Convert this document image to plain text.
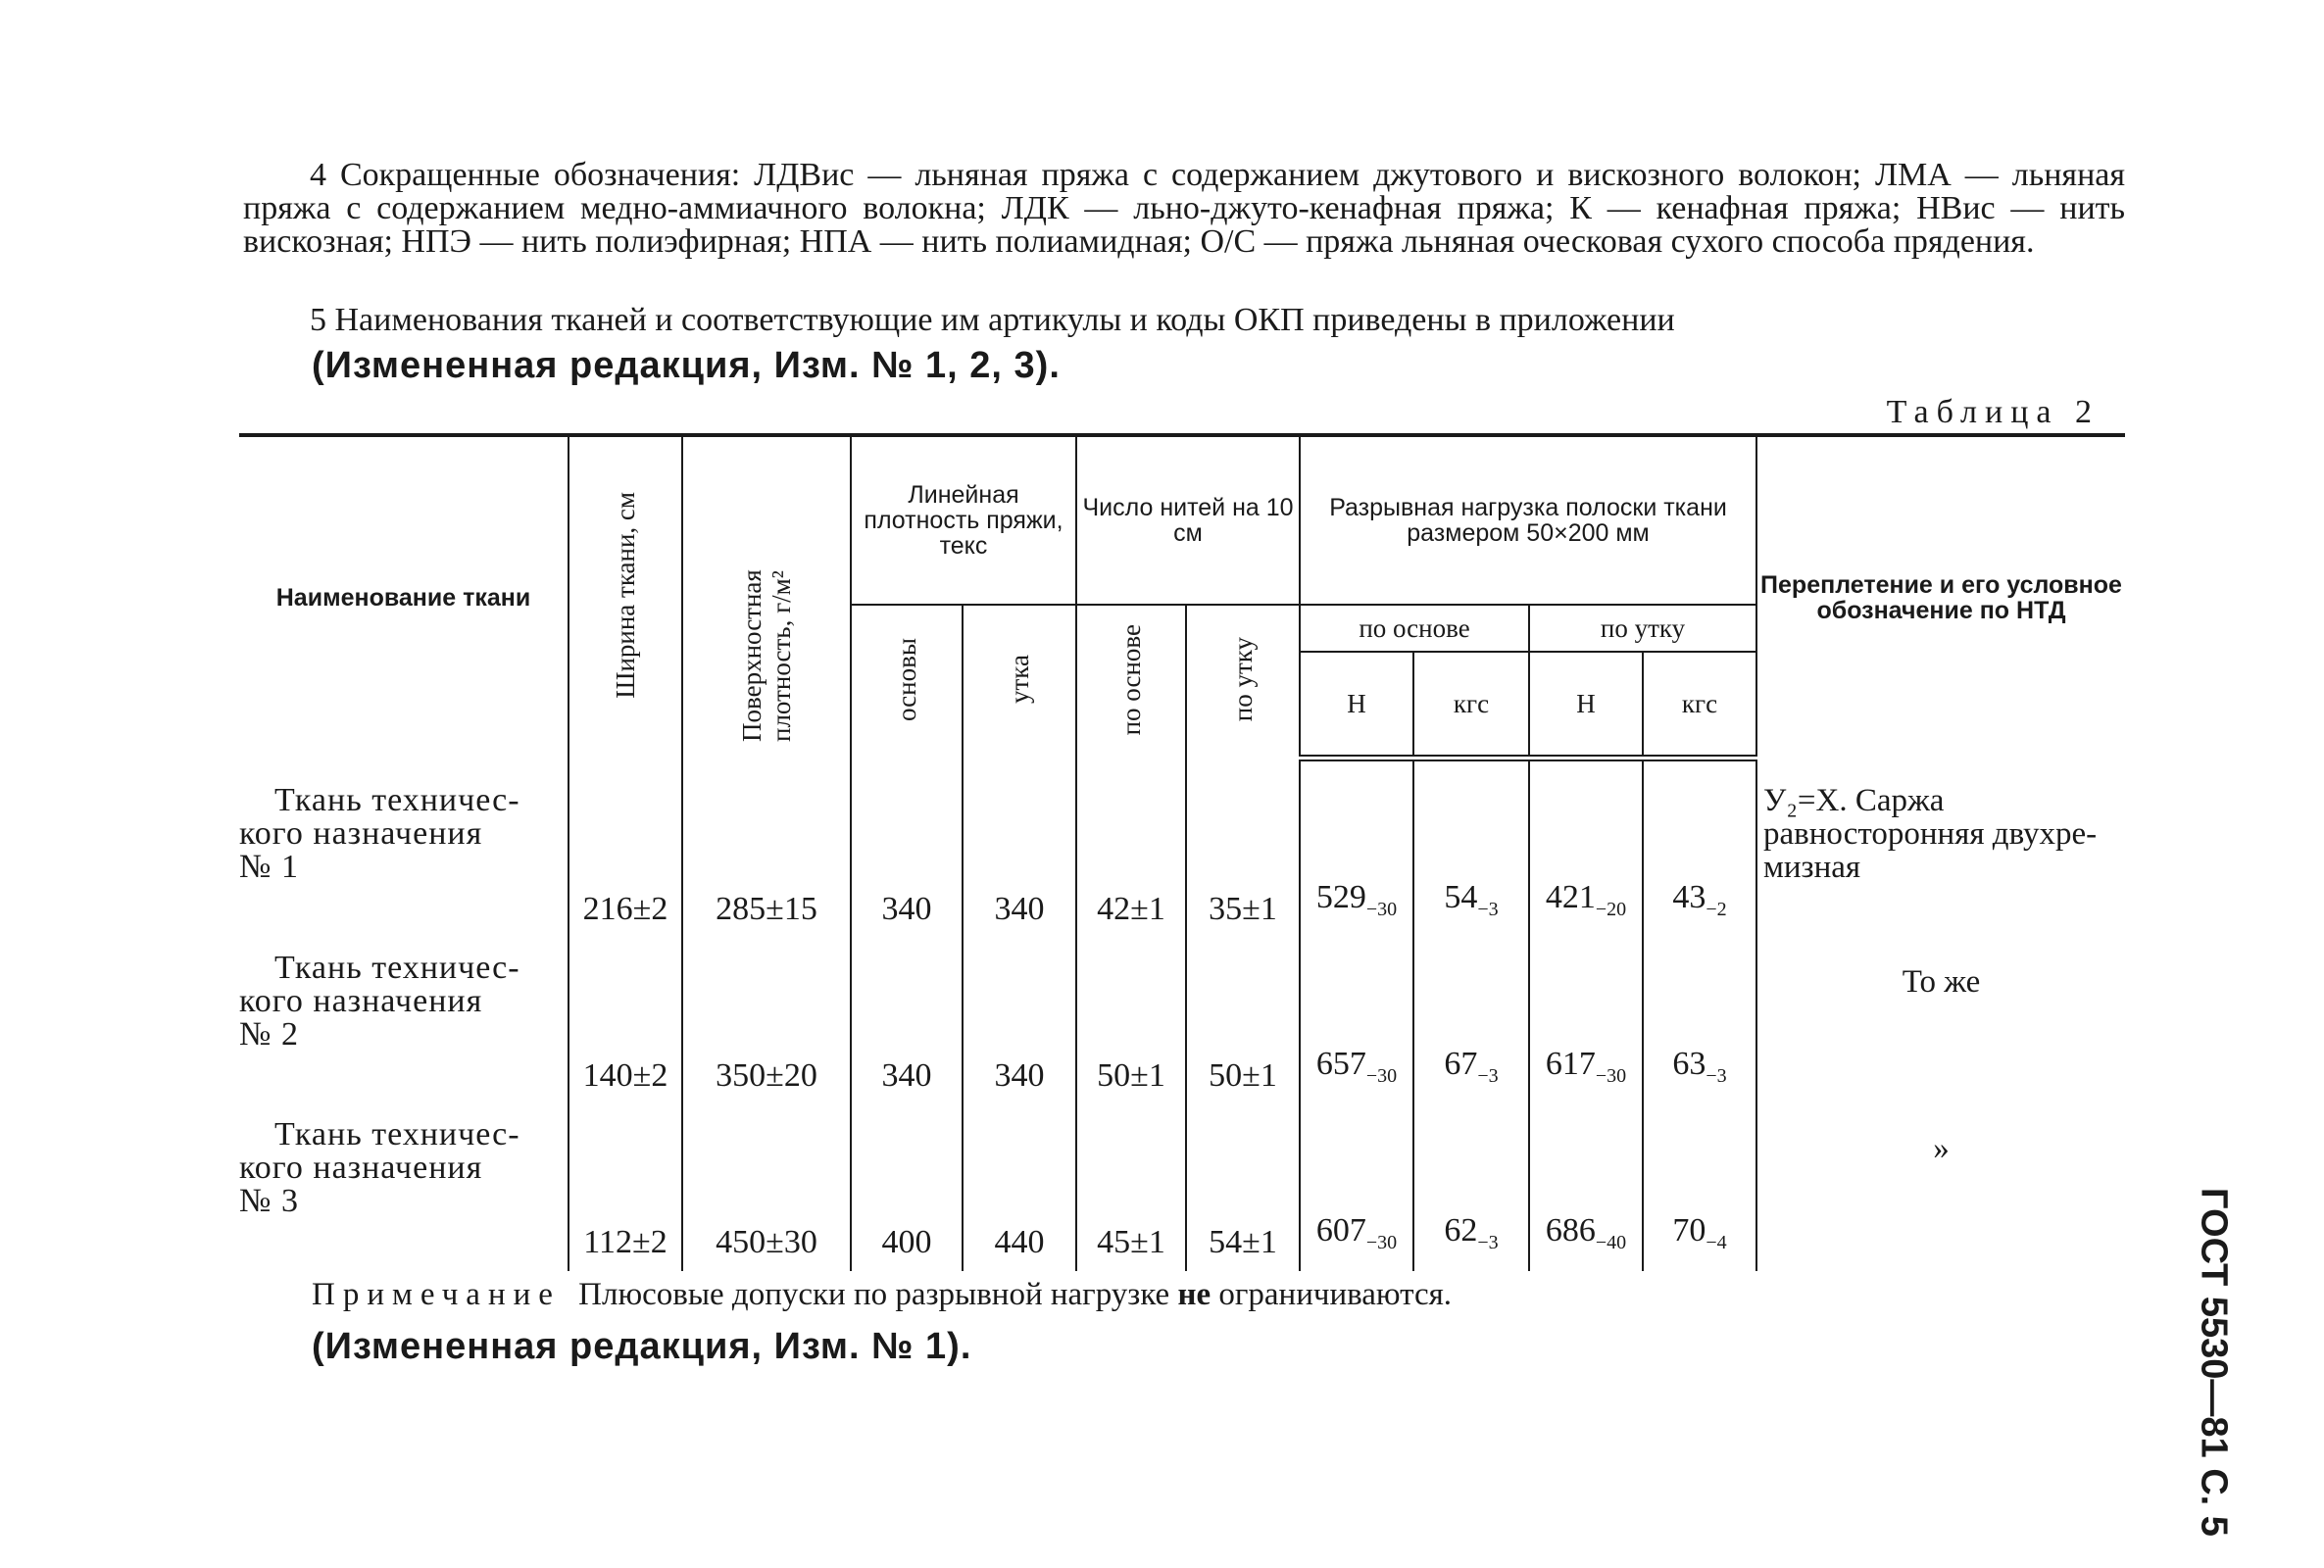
4 Сокращенные обозначения: ЛДВис — льняная пряжа с содержанием джутового и вискозного волокон; ЛМА — льняная пряжа с содержанием медно-аммиачного волокна; ЛДК — льно-джуто-кенафная пряжа; К — кенафная пряжа; НВис — нить вискозная; НПЭ — нить полиэфирная; НПА — нить полиамидная; О/С — пряжа льняная оческовая сухого способа прядения.

5 Наименования тканей и соответствующие им артикулы и коды ОКП приведены в приложении
(Измененная редакция, Изм. № 1, 2, 3).
Таблица 2
Наименование ткани	Ширина ткани, см	Поверхностная плотность, г/м²	Линейная плотность пряжи, текс		Число нитей на 10 см		Разрывная нагрузка полоски ткани размером 50×200 мм				Переплетение и его условное обозначение по НТД
			основы	утка	по основе	по утку	по основе		по утку		
							Н	кгс	Н	кгс	

Ткань техничес-
кого назначения
№ 1	216±2	285±15	340	340	42±1	35±1	$529_{-30}$	$54_{-3}$	$421_{-20}$	$43_{-2}$	У₂=Х. Саржа равносторонняя двухре-мизная

Ткань техничес-
кого назначения
№ 2	140±2	350±20	340	340	50±1	50±1	$657_{-30}$	$67_{-3}$	$617_{-30}$	$63_{-3}$	То же

Ткань техничес-
кого назначения
№ 3	112±2	450±30	400	440	45±1	54±1	$607_{-30}$	$62_{-3}$	$686_{-40}$	$70_{-4}$	»
Примечание Плюсовые допуски по разрывной нагрузке не ограничиваются.
(Измененная редакция, Изм. № 1).	ГОСТ 5530—81 С. 5
